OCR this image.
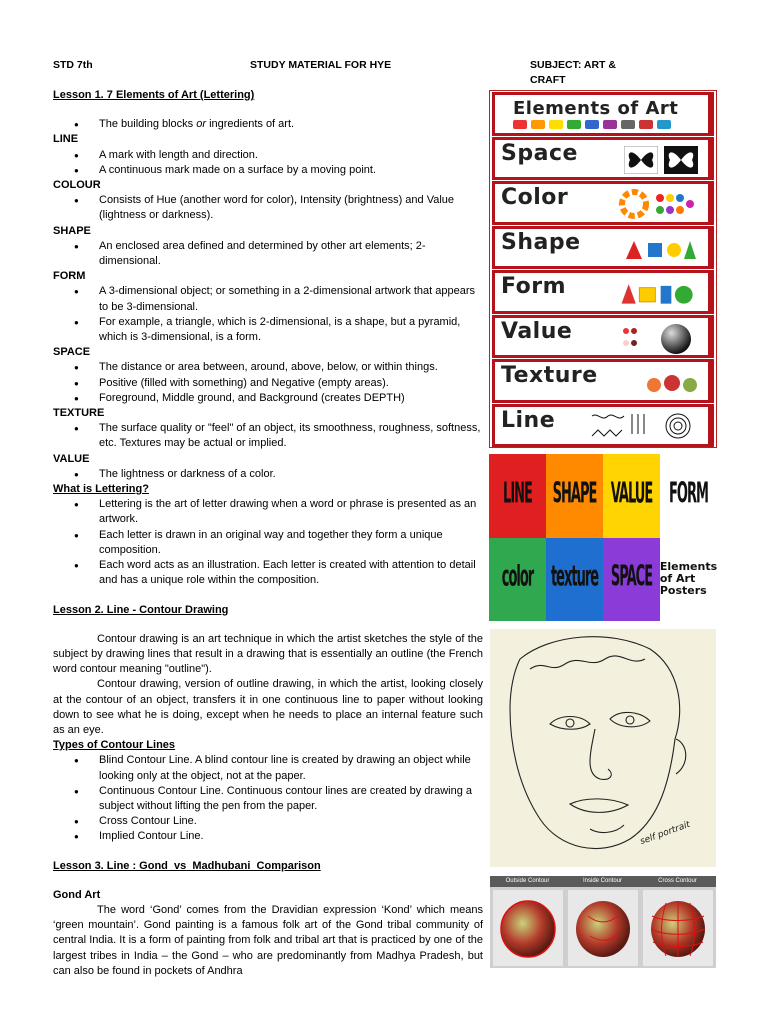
STD 7th	STUDY MATERIAL FOR HYE	SUBJECT: ART & CRAFT
Lesson 1. 7 Elements of Art (Lettering)
● The building blocks or ingredients of art.
LINE
● A mark with length and direction.
● A continuous mark made on a surface by a moving point.
COLOUR
● Consists of Hue (another word for color), Intensity (brightness) and Value (lightness or darkness).
SHAPE
● An enclosed area defined and determined by other art elements; 2-dimensional.
FORM
● A 3-dimensional object; or something in a 2-dimensional artwork that appears to be 3-dimensional.
● For example, a triangle, which is 2-dimensional, is a shape, but a pyramid, which is 3-dimensional, is a form.
SPACE
● The distance or area between, around, above, below, or within things.
● Positive (filled with something) and Negative (empty areas).
● Foreground, Middle ground, and Background (creates DEPTH)
TEXTURE
● The surface quality or "feel" of an object, its smoothness, roughness, softness, etc. Textures may be actual or implied.
VALUE
● The lightness or darkness of a color.
What is Lettering?
● Lettering is the art of letter drawing when a word or phrase is presented as an artwork.
● Each letter is drawn in an original way and together they form a unique composition.
● Each word acts as an illustration. Each letter is created with attention to detail and has a unique role within the composition.
Lesson 2. Line - Contour Drawing
Contour drawing is an art technique in which the artist sketches the style of the subject by drawing lines that result in a drawing that is essentially an outline (the French word contour meaning "outline").
Contour drawing, version of outline drawing, in which the artist, looking closely at the contour of an object, transfers it in one continuous line to paper without looking down to see what he is doing, except when he needs to place an internal feature such as an eye.
Types of Contour Lines
● Blind Contour Line. A blind contour line is created by drawing an object while looking only at the object, not at the paper.
● Continuous Contour Line. Continuous contour lines are created by drawing a subject without lifting the pen from the paper.
● Cross Contour Line.
● Implied Contour Line.
Lesson 3. Line : Gond_vs_Madhubani_Comparison
Gond Art
The word ‘Gond’ comes from the Dravidian expression ‘Kond’ which means ‘green mountain’. Gond painting is a famous folk art of the Gond tribal community of central India. It is a form of painting from folk and tribal art that is practiced by one of the largest tribes in India – the Gond – who are predominantly from Madhya Pradesh, but can also be found in pockets of Andhra
Elements of Art
Space
Color
Shape
Form
Value
Texture
Line
LINE SHAPE VALUE FORM
color texture SPACE Elements of Art Posters
self portrait
Outside Contour	Inside Contour	Cross Contour
